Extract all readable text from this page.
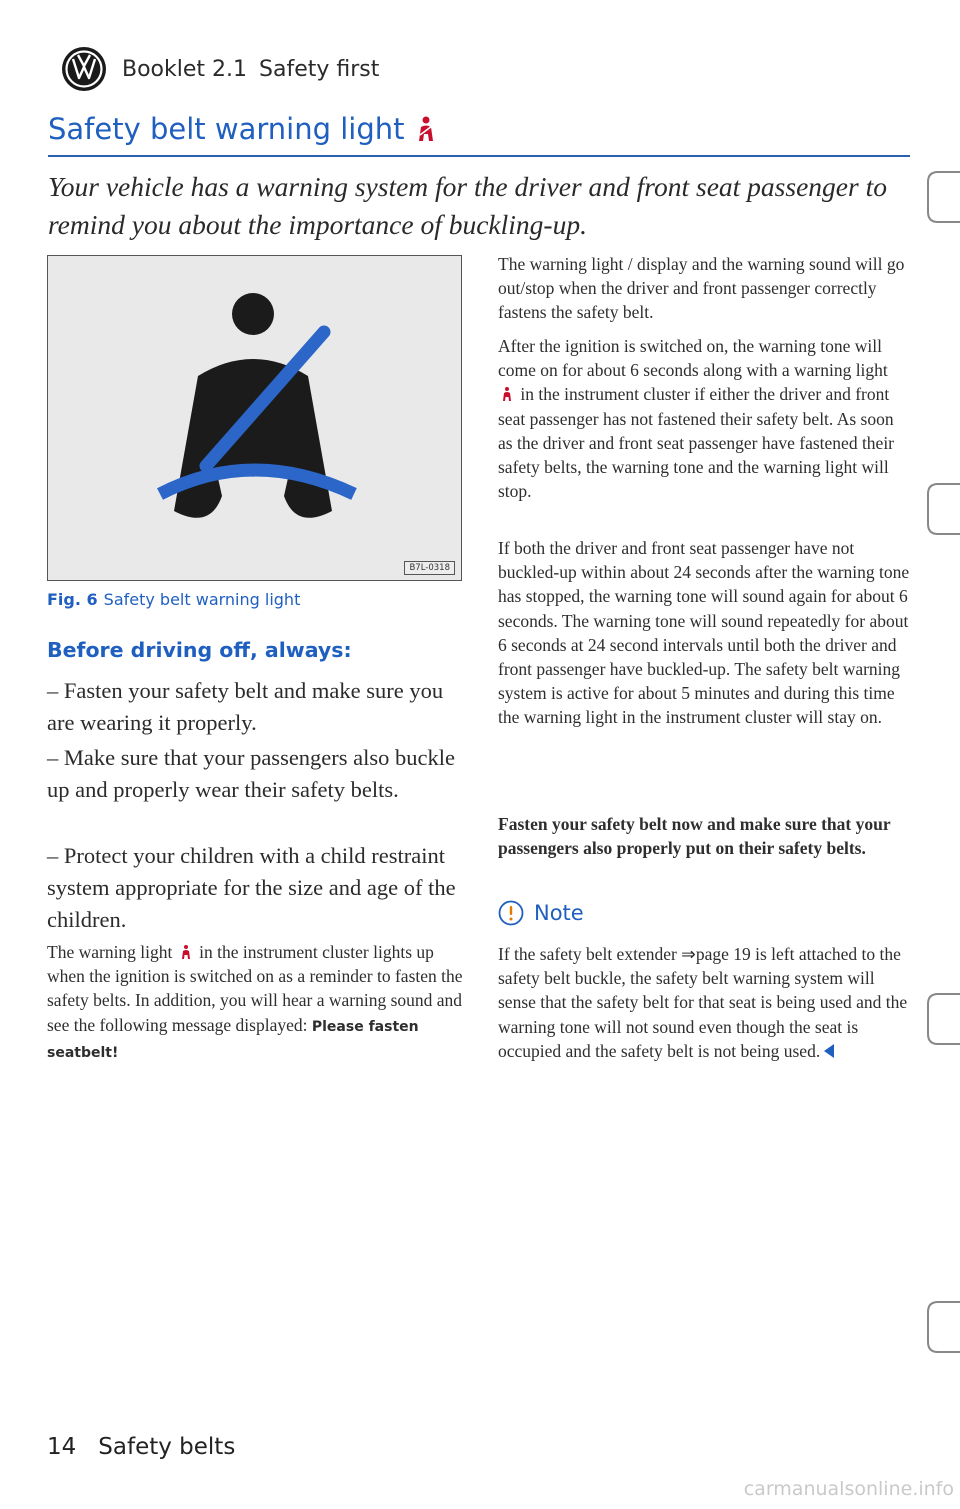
Booklet 2.1 Safety first
Safety belt warning light
Your vehicle has a warning system for the driver and front seat passenger to remind you about the importance of buckling-up.
B7L-0318
Fig. 6 Safety belt warning light
Before driving off, always:
– Fasten your safety belt and make sure you are wearing it properly.
– Make sure that your passengers also buckle up and properly wear their safety belts.
– Protect your children with a child restraint system appropriate for the size and age of the children.
The warning light in the instrument cluster lights up when the ignition is switched on as a reminder to fasten the safety belts. In addition, you will hear a warning sound and see the following message displayed: Please fasten seatbelt!
The warning light / display and the warning sound will go out/stop when the driver and front passenger correctly fastens the safety belt.
After the ignition is switched on, the warning tone will come on for about 6 seconds along with a warning light  in the instrument cluster if either the driver and front seat passenger has not fastened their safety belt. As soon as the driver and front seat passenger have fastened their safety belts, the warning tone and the warning light will stop.
If both the driver and front seat passenger have not buckled-up within about 24 seconds after the warning tone has stopped, the warning tone will sound again for about 6 seconds. The warning tone will sound repeatedly for about 6 seconds at 24 second intervals until both the driver and front passenger have buckled-up. The safety belt warning system is active for about 5 minutes and during this time the warning light in the instrument cluster will stay on.
Fasten your safety belt now and make sure that your passengers also properly put on their safety belts.
Note
If the safety belt extender ⇒page 19 is left attached to the safety belt buckle, the safety belt warning system will sense that the safety belt for that seat is being used and the warning tone will not sound even though the seat is occupied and the safety belt is not being used.
14 Safety belts
carmanualsonline.info
